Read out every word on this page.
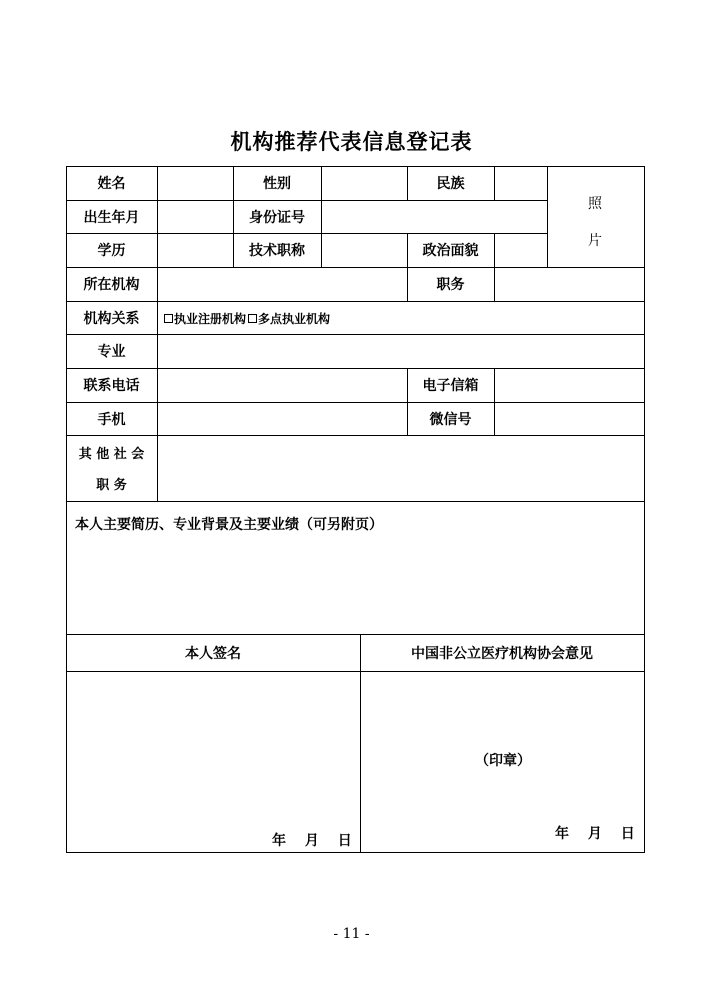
机构推荐代表信息登记表
姓名	性别	民族
照
片
出生年月	身份证号
学历	技术职称	政治面貌
所在机构	职务
机构关系	执业注册机构 多点执业机构
专业
联系电话	电子信箱
手机	微信号
其 他 社 会
职 务
本人主要简历、专业背景及主要业绩（可另附页）
本人签名	中国非公立医疗机构协会意见
（印章）
年 月 日	年 月 日
- 11 -
